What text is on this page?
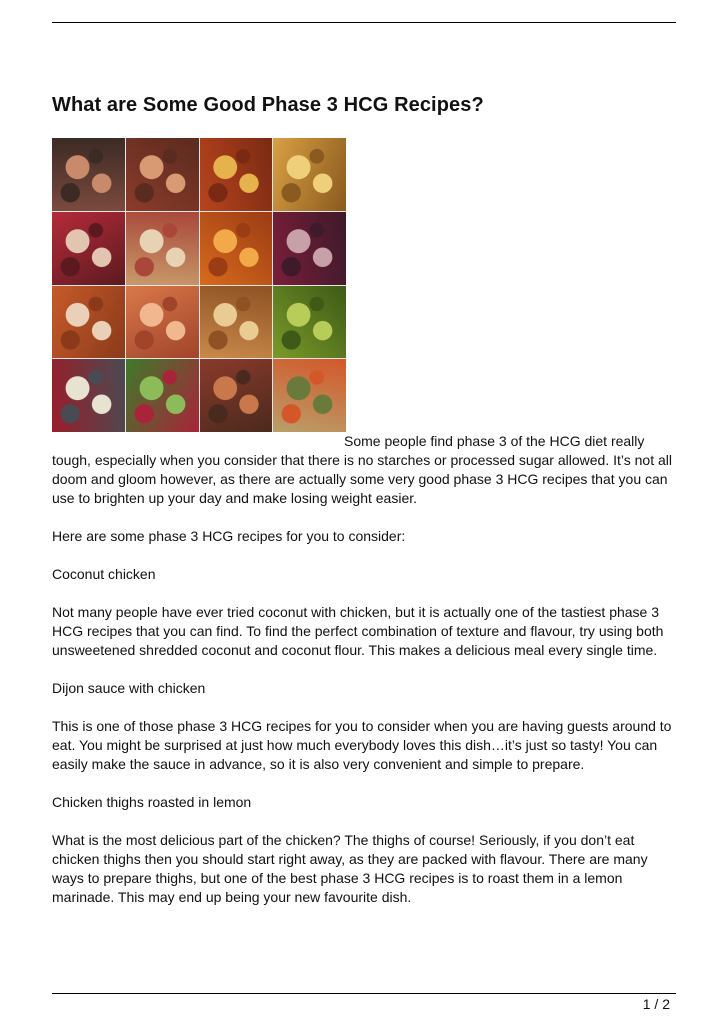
What are Some Good Phase 3 HCG Recipes?

Some people find phase 3 of the HCG diet really tough, especially when you consider that there is no starches or processed sugar allowed. It’s not all doom and gloom however, as there are actually some very good phase 3 HCG recipes that you can use to brighten up your day and make losing weight easier.

Here are some phase 3 HCG recipes for you to consider:

Coconut chicken

Not many people have ever tried coconut with chicken, but it is actually one of the tastiest phase 3 HCG recipes that you can find. To find the perfect combination of texture and flavour, try using both unsweetened shredded coconut and coconut flour. This makes a delicious meal every single time.

Dijon sauce with chicken

This is one of those phase 3 HCG recipes for you to consider when you are having guests around to eat. You might be surprised at just how much everybody loves this dish…it’s just so tasty! You can easily make the sauce in advance, so it is also very convenient and simple to prepare.

Chicken thighs roasted in lemon

What is the most delicious part of the chicken? The thighs of course! Seriously, if you don’t eat chicken thighs then you should start right away, as they are packed with flavour. There are many ways to prepare thighs, but one of the best phase 3 HCG recipes is to roast them in a lemon marinade. This may end up being your new favourite dish.

1 / 2
